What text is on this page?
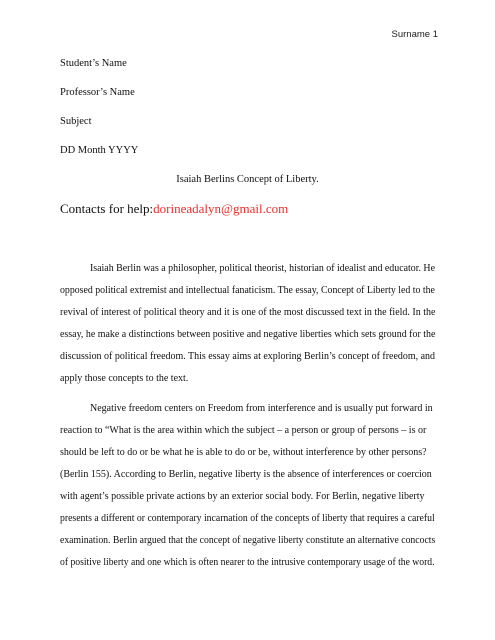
Surname 1
Student’s Name
Professor’s Name
Subject
DD Month YYYY
Isaiah Berlins Concept of Liberty.
Contacts for help:dorineadalyn@gmail.com
Isaiah Berlin was a philosopher, political theorist, historian of idealist and educator. He
opposed political extremist and intellectual fanaticism. The essay, Concept of Liberty led to the
revival of interest of political theory and it is one of the most discussed text in the field. In the
essay, he make a distinctions between positive and negative liberties which sets ground for the
discussion of political freedom. This essay aims at exploring Berlin’s concept of freedom, and
apply those concepts to the text.
Negative freedom centers on Freedom from interference and is usually put forward in
reaction to “What is the area within which the subject – a person or group of persons – is or
should be left to do or be what he is able to do or be, without interference by other persons?
(Berlin 155). According to Berlin, negative liberty is the absence of interferences or coercion
with agent’s possible private actions by an exterior social body. For Berlin, negative liberty
presents a different or contemporary incarnation of the concepts of liberty that requires a careful
examination. Berlin argued that the concept of negative liberty constitute an alternative concocts
of positive liberty and one which is often nearer to the intrusive contemporary usage of the word.
